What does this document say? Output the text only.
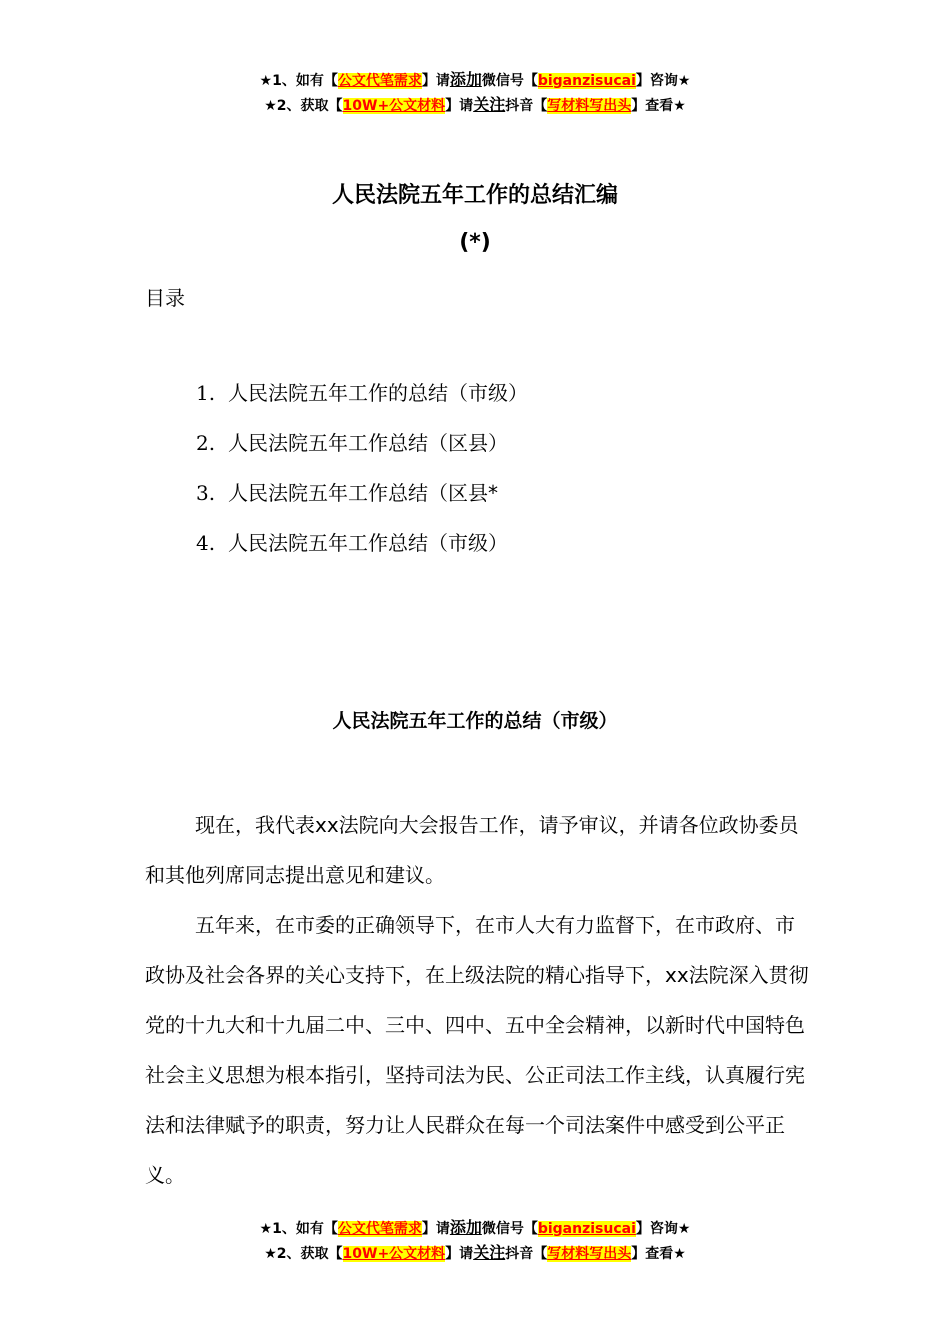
★1、如有【公文代笔需求】请添加微信号【biganzisucai】咨询★
★2、获取【10W+公文材料】请关注抖音【写材料写出头】查看★
人民法院五年工作的总结汇编
(*)
目录
1. 人民法院五年工作的总结（市级）
2. 人民法院五年工作总结（区县）
3. 人民法院五年工作总结（区县*
4. 人民法院五年工作总结（市级）
人民法院五年工作的总结（市级）

现在，我代表xx法院向大会报告工作，请予审议，并请各位政协委员和其他列席同志提出意见和建议。

五年来，在市委的正确领导下，在市人大有力监督下，在市政府、市政协及社会各界的关心支持下，在上级法院的精心指导下，xx法院深入贯彻党的十九大和十九届二中、三中、四中、五中全会精神，以新时代中国特色社会主义思想为根本指引，坚持司法为民、公正司法工作主线，认真履行宪法和法律赋予的职责，努力让人民群众在每一个司法案件中感受到公平正义。

★1、如有【公文代笔需求】请添加微信号【biganzisucai】咨询★
★2、获取【10W+公文材料】请关注抖音【写材料写出头】查看★
